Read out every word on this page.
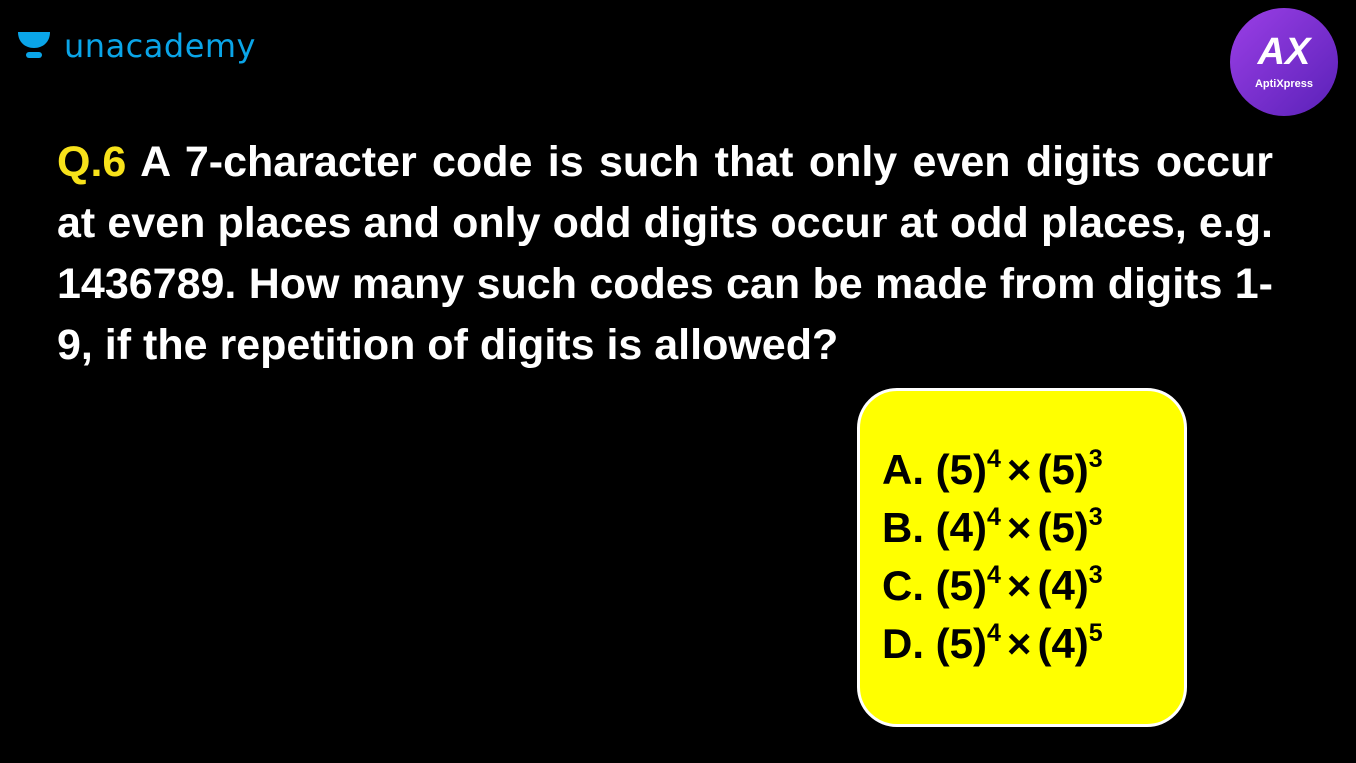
unacademy	AX
AptiXpress

Q.6 A 7-character code is such that only even digits occur at even places and only odd digits occur at odd places, e.g. 1436789. How many such codes can be made from digits 1-9, if the repetition of digits is allowed?

A. $(5)^4 \times (5)^3$
B. $(4)^4 \times (5)^3$
C. $(5)^4 \times (4)^3$
D. $(5)^4 \times (4)^5$
